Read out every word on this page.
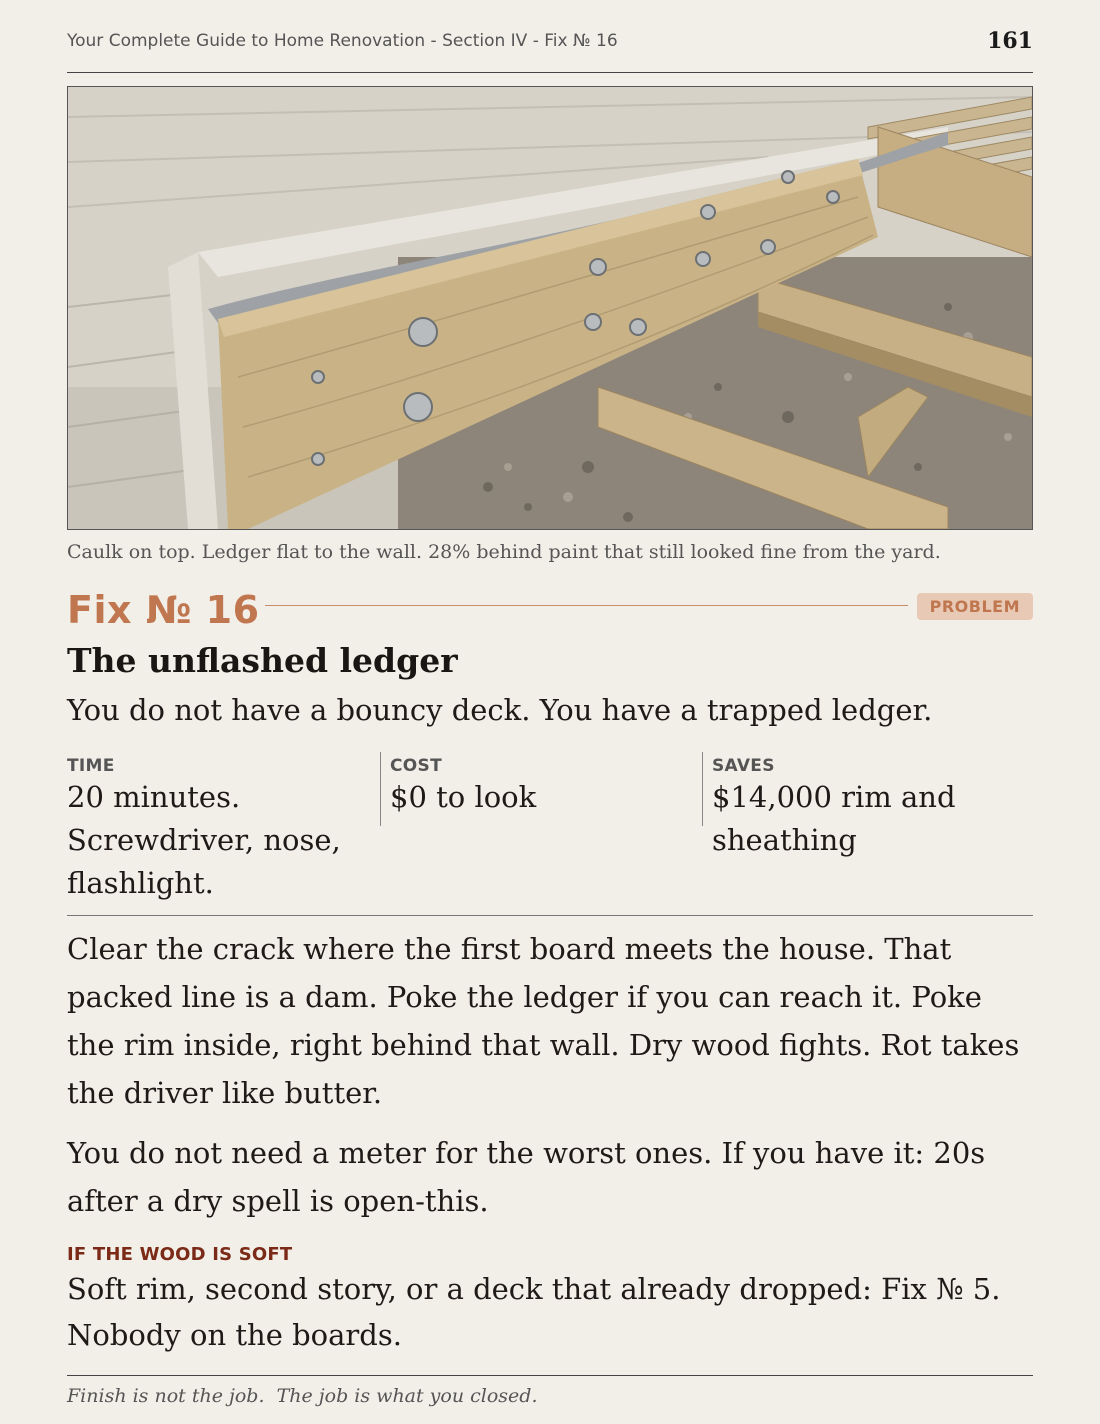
Your Complete Guide to Home Renovation - Section IV - Fix № 16	161
Caulk on top. Ledger flat to the wall. 28% behind paint that still looked fine from the yard.
Fix № 16	PROBLEM
The unflashed ledger
You do not have a bouncy deck. You have a trapped ledger.
TIME
20 minutes. Screwdriver, nose, flashlight.
COST
$0 to look
SAVES
$14,000 rim and sheathing

Clear the crack where the first board meets the house. That packed line is a dam. Poke the ledger if you can reach it. Poke the rim inside, right behind that wall. Dry wood fights. Rot takes the driver like butter.

You do not need a meter for the worst ones. If you have it: 20s after a dry spell is open-this.

IF THE WOOD IS SOFT
Soft rim, second story, or a deck that already dropped: Fix № 5. Nobody on the boards.
Finish is not the job.  The job is what you closed.
